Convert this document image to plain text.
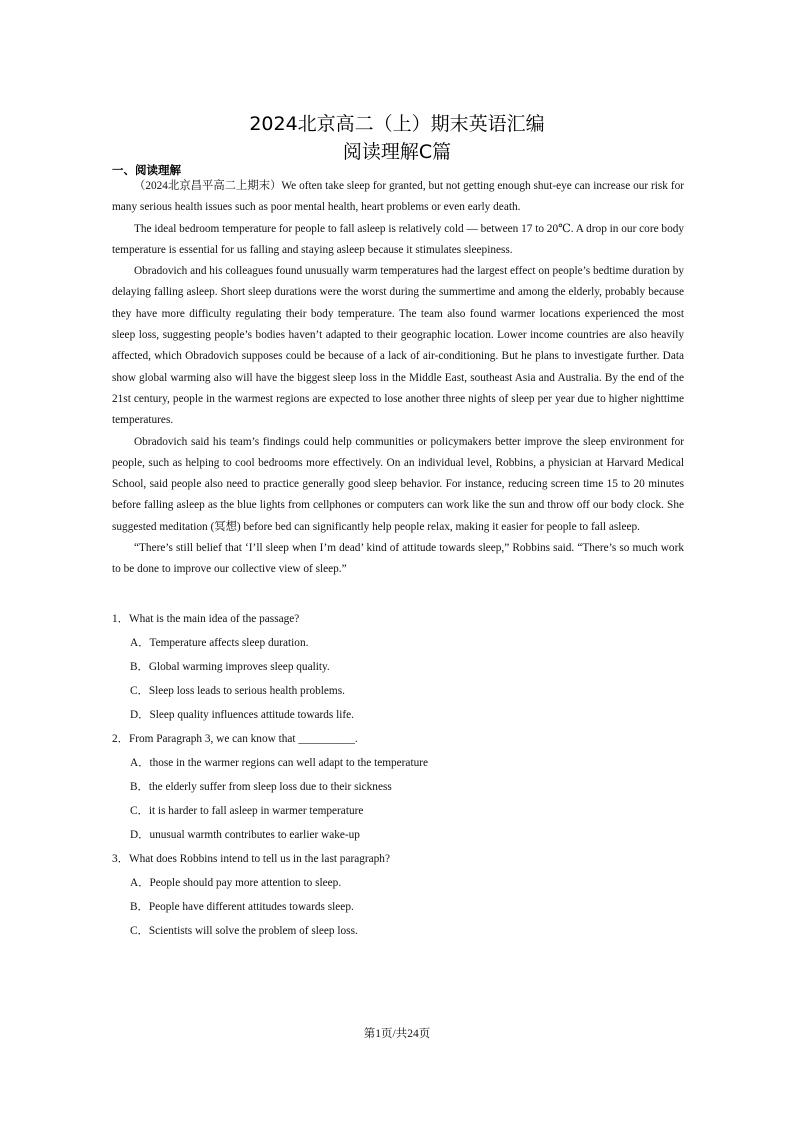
2024北京高二（上）期末英语汇编
阅读理解C篇
一、阅读理解

（2024北京昌平高二上期末）We often take sleep for granted, but not getting enough shut-eye can increase our risk for many serious health issues such as poor mental health, heart problems or even early death.

The ideal bedroom temperature for people to fall asleep is relatively cold — between 17 to 20℃. A drop in our core body temperature is essential for us falling and staying asleep because it stimulates sleepiness.

Obradovich and his colleagues found unusually warm temperatures had the largest effect on people’s bedtime duration by delaying falling asleep. Short sleep durations were the worst during the summertime and among the elderly, probably because they have more difficulty regulating their body temperature. The team also found warmer locations experienced the most sleep loss, suggesting people’s bodies haven’t adapted to their geographic location. Lower income countries are also heavily affected, which Obradovich supposes could be because of a lack of air-conditioning. But he plans to investigate further. Data show global warming also will have the biggest sleep loss in the Middle East, southeast Asia and Australia. By the end of the 21st century, people in the warmest regions are expected to lose another three nights of sleep per year due to higher nighttime temperatures.

Obradovich said his team’s findings could help communities or policymakers better improve the sleep environment for people, such as helping to cool bedrooms more effectively. On an individual level, Robbins, a physician at Harvard Medical School, said people also need to practice generally good sleep behavior. For instance, reducing screen time 15 to 20 minutes before falling asleep as the blue lights from cellphones or computers can work like the sun and throw off our body clock. She suggested meditation (冥想) before bed can significantly help people relax, making it easier for people to fall asleep.

“There’s still belief that ‘I’ll sleep when I’m dead’ kind of attitude towards sleep,” Robbins said. “There’s so much work to be done to improve our collective view of sleep.”

1．What is the main idea of the passage?
A．Temperature affects sleep duration.
B．Global warming improves sleep quality.
C．Sleep loss leads to serious health problems.
D．Sleep quality influences attitude towards life.
2．From Paragraph 3, we can know that __________.
A．those in the warmer regions can well adapt to the temperature
B．the elderly suffer from sleep loss due to their sickness
C．it is harder to fall asleep in warmer temperature
D．unusual warmth contributes to earlier wake-up
3．What does Robbins intend to tell us in the last paragraph?
A．People should pay more attention to sleep.
B．People have different attitudes towards sleep.
C．Scientists will solve the problem of sleep loss.
第1页/共24页
